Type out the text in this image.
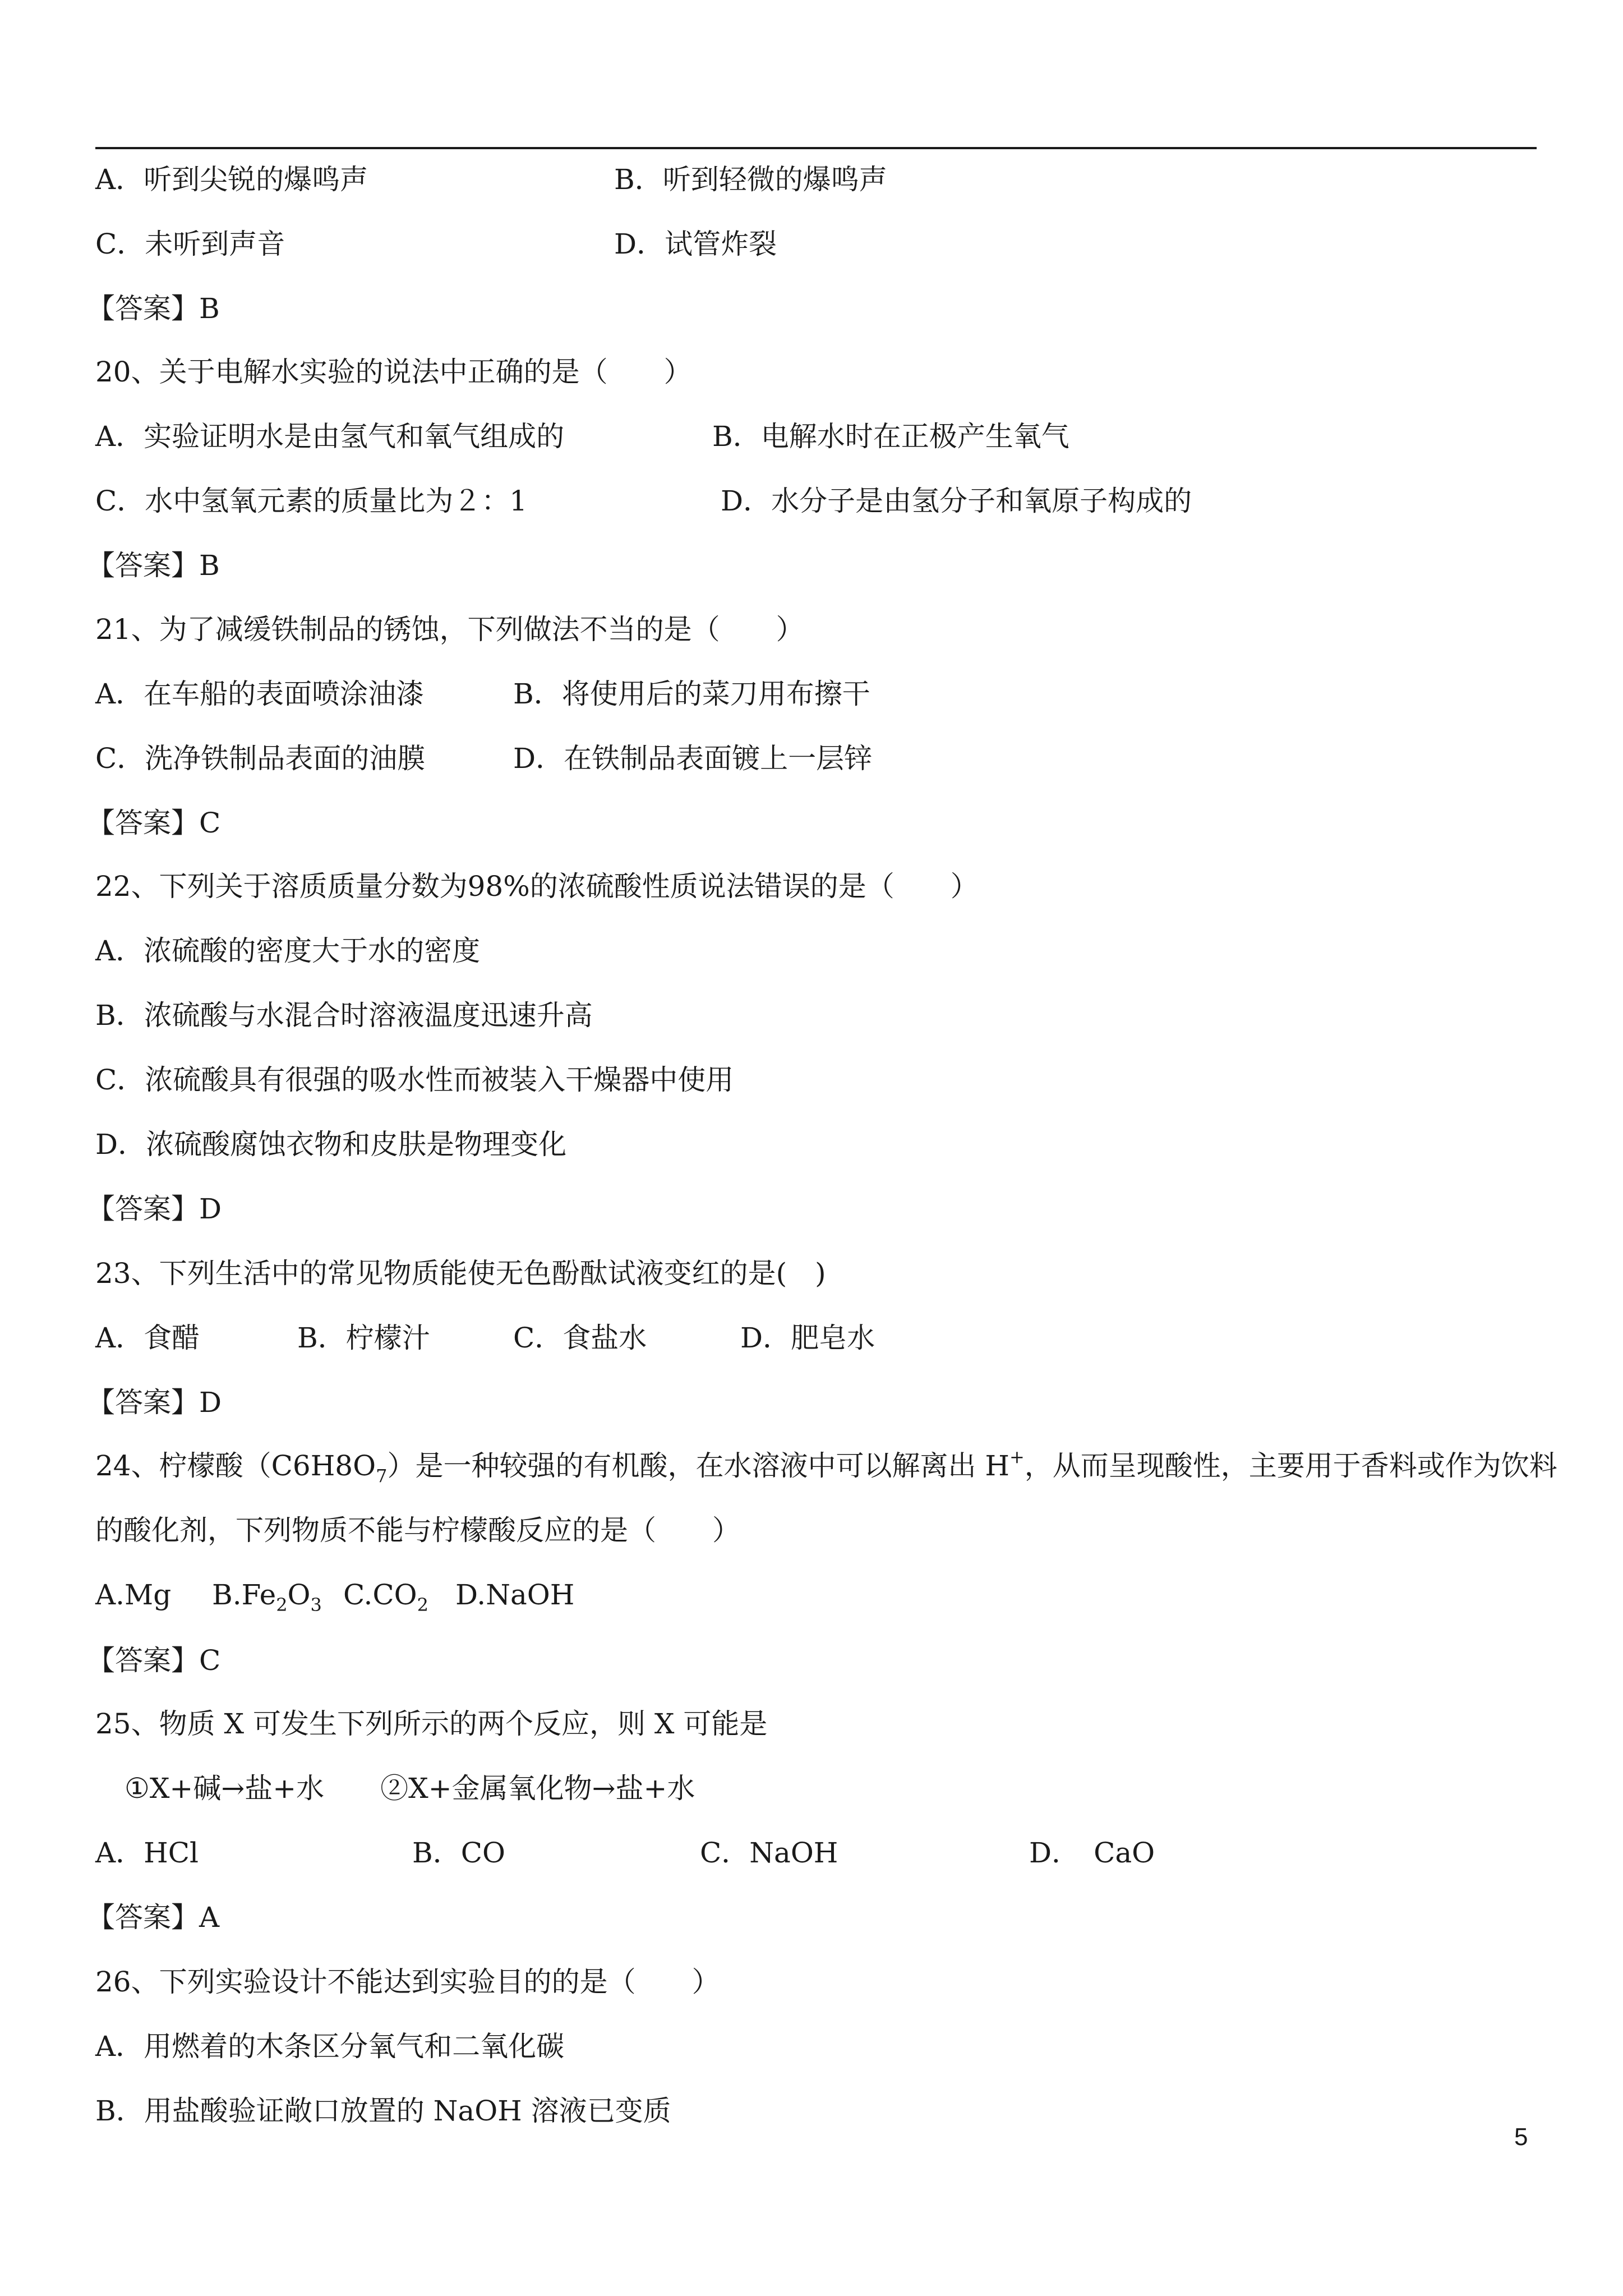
A．听到尖锐的爆鸣声	B．听到轻微的爆鸣声
C．未听到声音	D．试管炸裂
【答案】B
20、关于电解水实验的说法中正确的是（　　）
A．实验证明水是由氢气和氧气组成的	B．电解水时在正极产生氧气
C．水中氢氧元素的质量比为２：1	D．水分子是由氢分子和氧原子构成的
【答案】B
21、为了减缓铁制品的锈蚀，下列做法不当的是（　　）
A．在车船的表面喷涂油漆	B．将使用后的菜刀用布擦干
C．洗净铁制品表面的油膜	D．在铁制品表面镀上一层锌
【答案】C
22、下列关于溶质质量分数为98%的浓硫酸性质说法错误的是（　　）
A．浓硫酸的密度大于水的密度
B．浓硫酸与水混合时溶液温度迅速升高
C．浓硫酸具有很强的吸水性而被装入干燥器中使用
D．浓硫酸腐蚀衣物和皮肤是物理变化
【答案】D
23、下列生活中的常见物质能使无色酚酞试液变红的是(　)
A．食醋	B．柠檬汁	C．食盐水	D．肥皂水
【答案】D
24、柠檬酸$(C6H8O_7)$是一种较强的有机酸，在水溶液中可以解离出 H+，从而呈现酸性，主要用于香料或作为饮料
的酸化剂，下列物质不能与柠檬酸反应的是（　　）
A.Mg $B.Fe_2O_3$ $C.CO_2$ D.NaOH
【答案】C
25、物质 X 可发生下列所示的两个反应，则 X 可能是
①X+碱→盐+水　　②X+金属氧化物→盐+水
A．HCl	B．CO	C．NaOH	D．　CaO
【答案】A
26、下列实验设计不能达到实验目的的是（　　）
A．用燃着的木条区分氧气和二氧化碳
B．用盐酸验证敞口放置的 NaOH 溶液已变质
5
